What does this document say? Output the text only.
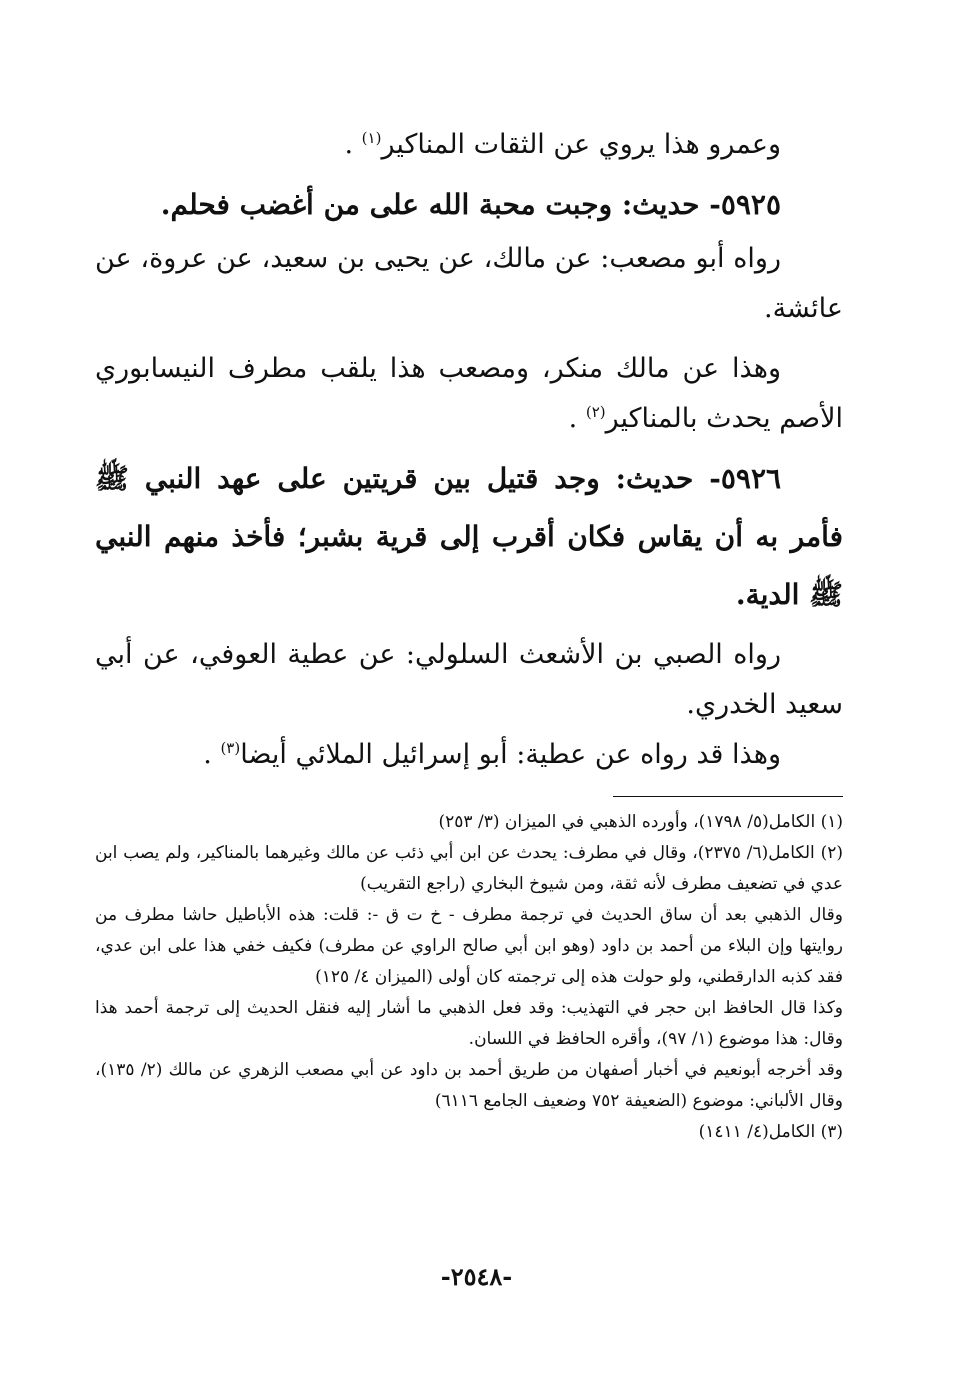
وعمرو هذا يروي عن الثقات المناكير$^{(١)}$ .

٥٩٢٥- حديث: وجبت محبة الله على من أغضب فحلم.

رواه أبو مصعب: عن مالك، عن يحيى بن سعيد، عن عروة، عن عائشة.

وهذا عن مالك منكر، ومصعب هذا يلقب مطرف النيسابوري الأصم يحدث بالمناكير$^{(٢)}$ .

٥٩٢٦- حديث: وجد قتيل بين قريتين على عهد النبي ﷺ فأمر به أن يقاس فكان أقرب إلى قرية بشبر؛ فأخذ منهم النبي ﷺ الدية.

رواه الصبي بن الأشعث السلولي: عن عطية العوفي، عن أبي سعيد الخدري.

وهذا قد رواه عن عطية: أبو إسرائيل الملائي أيضا$^{(٣)}$ .

(١) الكامل(٥/ ١٧٩٨)، وأورده الذهبي في الميزان (٣/ ٢٥٣)

(٢) الكامل(٦/ ٢٣٧٥)، وقال في مطرف: يحدث عن ابن أبي ذئب عن مالك وغيرهما بالمناكير، ولم يصب ابن عدي في تضعيف مطرف لأنه ثقة، ومن شيوخ البخاري (راجع التقريب)

وقال الذهبي بعد أن ساق الحديث في ترجمة مطرف - خ ت ق -: قلت: هذه الأباطيل حاشا مطرف من روايتها وإن البلاء من أحمد بن داود (وهو ابن أبي صالح الراوي عن مطرف) فكيف خفي هذا على ابن عدي، فقد كذبه الدارقطني، ولو حولت هذه إلى ترجمته كان أولى (الميزان ٤/ ١٢٥)

وكذا قال الحافظ ابن حجر في التهذيب: وقد فعل الذهبي ما أشار إليه فنقل الحديث إلى ترجمة أحمد هذا وقال: هذا موضوع (١/ ٩٧)، وأقره الحافظ في اللسان.

وقد أخرجه أبونعيم في أخبار أصفهان من طريق أحمد بن داود عن أبي مصعب الزهري عن مالك (٢/ ١٣٥)، وقال الألباني: موضوع (الضعيفة ٧٥٢ وضعيف الجامع ٦١١٦)

(٣) الكامل(٤/ ١٤١١)

-٢٥٤٨-
